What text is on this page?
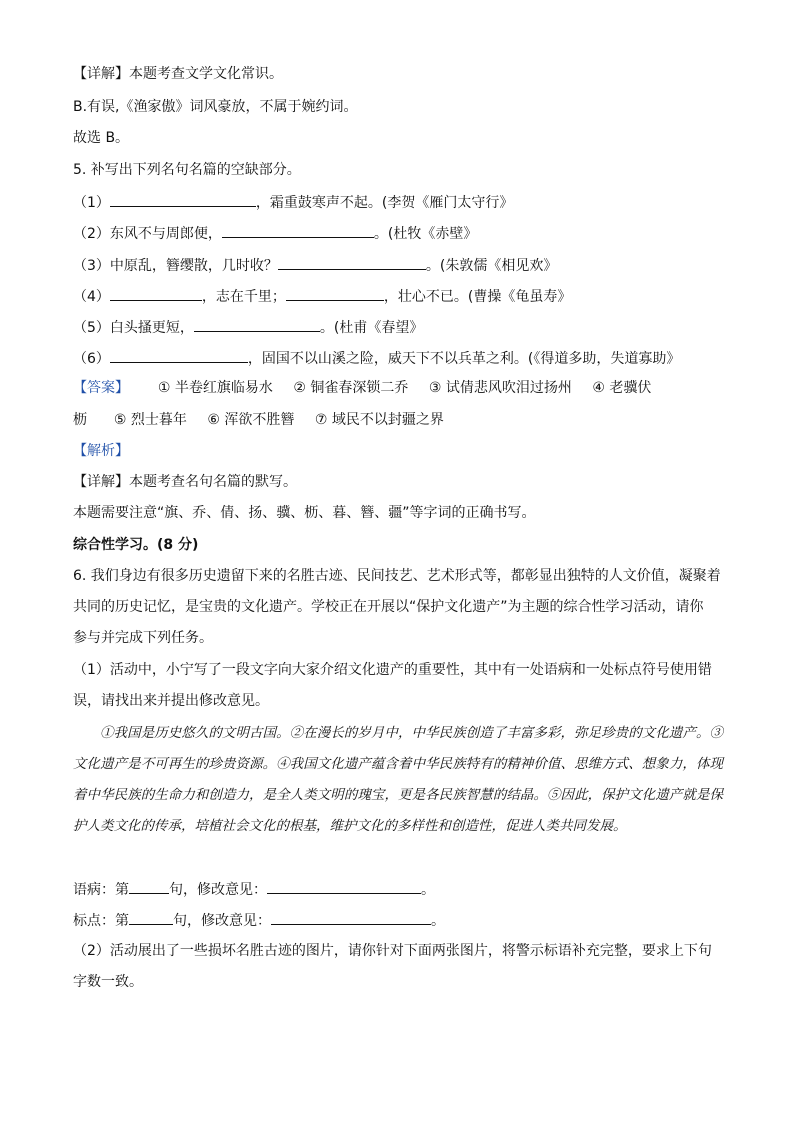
【详解】本题考查文学文化常识。
B.有误,《渔家傲》词风豪放，不属于婉约词。
故选 B。
5. 补写出下列名句名篇的空缺部分。
（1）	，霜重鼓寒声不起。(李贺《雁门太守行》
（2）东风不与周郎便，	。(杜牧《赤壁》
（3）中原乱，簪缨散，几时收？	。(朱敦儒《相见欢》
（4）	，志在千里；	，壮心不已。(曹操《龟虽寿》
（5）白头搔更短，	。(杜甫《春望》
（6）	，固国不以山溪之险，威天下不以兵革之利。(《得道多助，失道寡助》
【答案】 ① 半卷红旗临易水 ② 铜雀春深锁二乔 ③ 试倩悲风吹泪过扬州 ④ 老骥伏
枥 ⑤ 烈士暮年 ⑥ 浑欲不胜簪 ⑦ 域民不以封疆之界
【解析】
【详解】本题考查名句名篇的默写。
本题需要注意“旗、乔、倩、扬、骥、枥、暮、簪、疆”等字词的正确书写。
综合性学习。(8 分)
6. 我们身边有很多历史遗留下来的名胜古迹、民间技艺、艺术形式等，都彰显出独特的人文价值，凝聚着
共同的历史记忆，是宝贵的文化遗产。学校正在开展以“保护文化遗产”为主题的综合性学习活动，请你
参与并完成下列任务。
（1）活动中，小宁写了一段文字向大家介绍文化遗产的重要性，其中有一处语病和一处标点符号使用错
误，请找出来并提出修改意见。

①我国是历史悠久的文明古国。②在漫长的岁月中，中华民族创造了丰富多彩，弥足珍贵的文化遗产。③文化遗产是不可再生的珍贵资源。④我国文化遗产蕴含着中华民族特有的精神价值、思维方式、想象力，体现着中华民族的生命力和创造力，是全人类文明的瑰宝，更是各民族智慧的结晶。⑤因此，保护文化遗产就是保护人类文化的传承，培植社会文化的根基，维护文化的多样性和创造性，促进人类共同发展。

语病：第	句，修改意见：	。
标点：第	句，修改意见：	。
（2）活动展出了一些损坏名胜古迹的图片，请你针对下面两张图片，将警示标语补充完整，要求上下句
字数一致。
